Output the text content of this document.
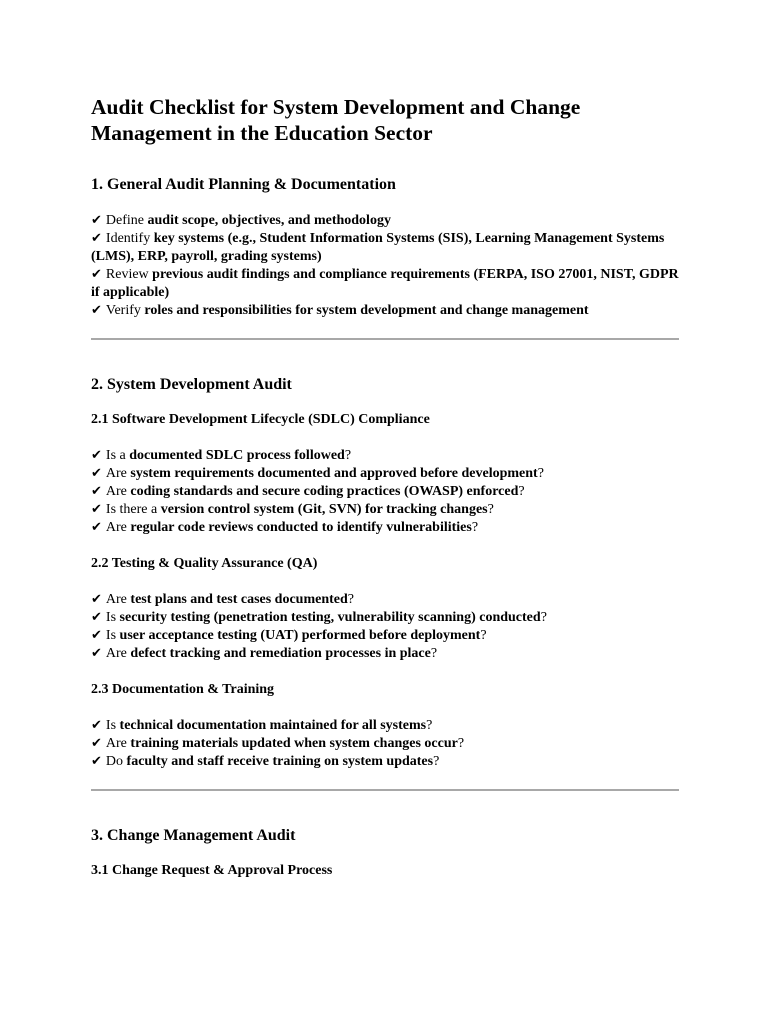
Audit Checklist for System Development and Change Management in the Education Sector
1. General Audit Planning & Documentation
✔ Define audit scope, objectives, and methodology
✔ Identify key systems (e.g., Student Information Systems (SIS), Learning Management Systems (LMS), ERP, payroll, grading systems)
✔ Review previous audit findings and compliance requirements (FERPA, ISO 27001, NIST, GDPR if applicable)
✔ Verify roles and responsibilities for system development and change management
2. System Development Audit
2.1 Software Development Lifecycle (SDLC) Compliance
✔ Is a documented SDLC process followed?
✔ Are system requirements documented and approved before development?
✔ Are coding standards and secure coding practices (OWASP) enforced?
✔ Is there a version control system (Git, SVN) for tracking changes?
✔ Are regular code reviews conducted to identify vulnerabilities?
2.2 Testing & Quality Assurance (QA)
✔ Are test plans and test cases documented?
✔ Is security testing (penetration testing, vulnerability scanning) conducted?
✔ Is user acceptance testing (UAT) performed before deployment?
✔ Are defect tracking and remediation processes in place?
2.3 Documentation & Training
✔ Is technical documentation maintained for all systems?
✔ Are training materials updated when system changes occur?
✔ Do faculty and staff receive training on system updates?
3. Change Management Audit
3.1 Change Request & Approval Process
